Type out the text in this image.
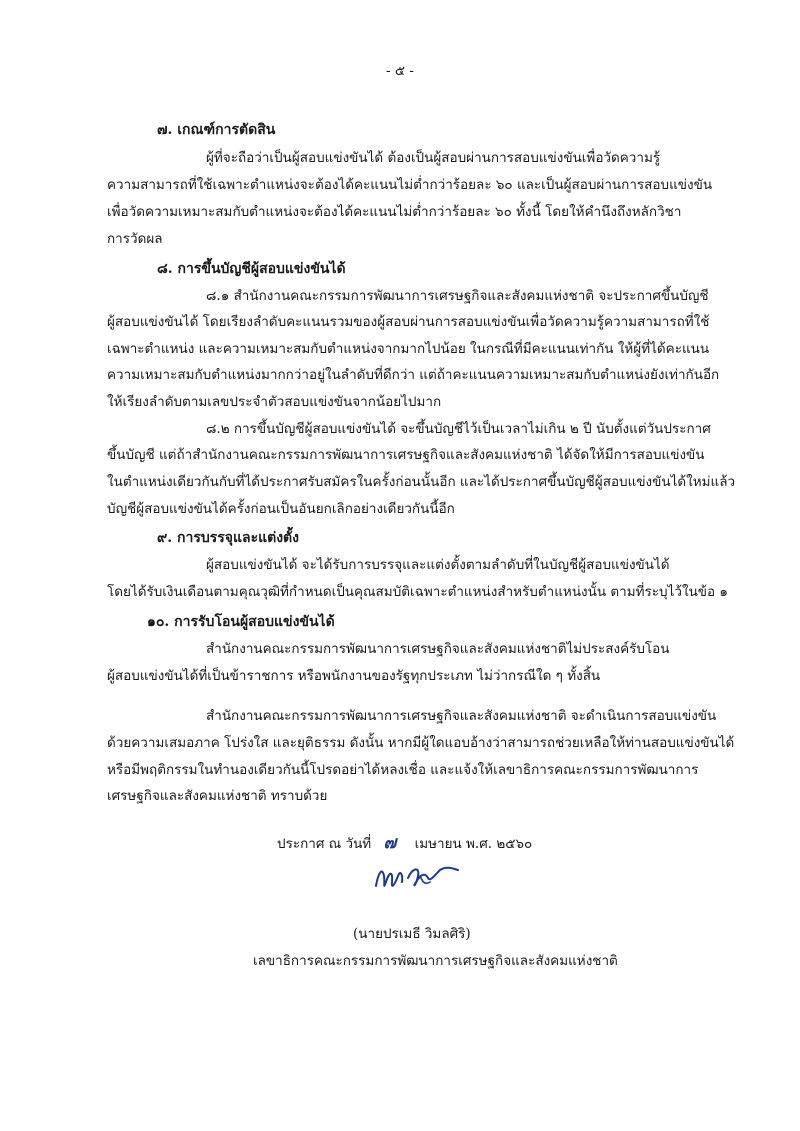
- ๕ -
๗. เกณฑ์การตัดสิน
ผู้ที่จะถือว่าเป็นผู้สอบแข่งขันได้ ต้องเป็นผู้สอบผ่านการสอบแข่งขันเพื่อวัดความรู้
ความสามารถที่ใช้เฉพาะตำแหน่งจะต้องได้คะแนนไม่ต่ำกว่าร้อยละ ๖๐ และเป็นผู้สอบผ่านการสอบแข่งขัน
เพื่อวัดความเหมาะสมกับตำแหน่งจะต้องได้คะแนนไม่ต่ำกว่าร้อยละ ๖๐ ทั้งนี้ โดยให้คำนึงถึงหลักวิชา
การวัดผล
๘. การขึ้นบัญชีผู้สอบแข่งขันได้
๘.๑ สำนักงานคณะกรรมการพัฒนาการเศรษฐกิจและสังคมแห่งชาติ จะประกาศขึ้นบัญชี
ผู้สอบแข่งขันได้ โดยเรียงลำดับคะแนนรวมของผู้สอบผ่านการสอบแข่งขันเพื่อวัดความรู้ความสามารถที่ใช้
เฉพาะตำแหน่ง และความเหมาะสมกับตำแหน่งจากมากไปน้อย ในกรณีที่มีคะแนนเท่ากัน ให้ผู้ที่ได้คะแนน
ความเหมาะสมกับตำแหน่งมากกว่าอยู่ในลำดับที่ดีกว่า แต่ถ้าคะแนนความเหมาะสมกับตำแหน่งยังเท่ากันอีก
ให้เรียงลำดับตามเลขประจำตัวสอบแข่งขันจากน้อยไปมาก
๘.๒ การขึ้นบัญชีผู้สอบแข่งขันได้ จะขึ้นบัญชีไว้เป็นเวลาไม่เกิน ๒ ปี นับตั้งแต่วันประกาศ
ขึ้นบัญชี แต่ถ้าสำนักงานคณะกรรมการพัฒนาการเศรษฐกิจและสังคมแห่งชาติ ได้จัดให้มีการสอบแข่งขัน
ในตำแหน่งเดียวกันกับที่ได้ประกาศรับสมัครในครั้งก่อนนั้นอีก และได้ประกาศขึ้นบัญชีผู้สอบแข่งขันได้ใหม่แล้ว
บัญชีผู้สอบแข่งขันได้ครั้งก่อนเป็นอันยกเลิกอย่างเดียวกันนี้อีก
๙. การบรรจุและแต่งตั้ง
ผู้สอบแข่งขันได้ จะได้รับการบรรจุและแต่งตั้งตามลำดับที่ในบัญชีผู้สอบแข่งขันได้
โดยได้รับเงินเดือนตามคุณวุฒิที่กำหนดเป็นคุณสมบัติเฉพาะตำแหน่งสำหรับตำแหน่งนั้น ตามที่ระบุไว้ในข้อ ๑
๑๐. การรับโอนผู้สอบแข่งขันได้
สำนักงานคณะกรรมการพัฒนาการเศรษฐกิจและสังคมแห่งชาติไม่ประสงค์รับโอน
ผู้สอบแข่งขันได้ที่เป็นข้าราชการ หรือพนักงานของรัฐทุกประเภท ไม่ว่ากรณีใด ๆ ทั้งสิ้น
สำนักงานคณะกรรมการพัฒนาการเศรษฐกิจและสังคมแห่งชาติ จะดำเนินการสอบแข่งขัน
ด้วยความเสมอภาค โปร่งใส และยุติธรรม ดังนั้น หากมีผู้ใดแอบอ้างว่าสามารถช่วยเหลือให้ท่านสอบแข่งขันได้
หรือมีพฤติกรรมในทำนองเดียวกันนี้โปรดอย่าได้หลงเชื่อ และแจ้งให้เลขาธิการคณะกรรมการพัฒนาการ
เศรษฐกิจและสังคมแห่งชาติ ทราบด้วย
ประกาศ ณ วันที่ ๗ เมษายน พ.ศ. ๒๕๖๐
(นายปรเมธี วิมลศิริ)
เลขาธิการคณะกรรมการพัฒนาการเศรษฐกิจและสังคมแห่งชาติ
